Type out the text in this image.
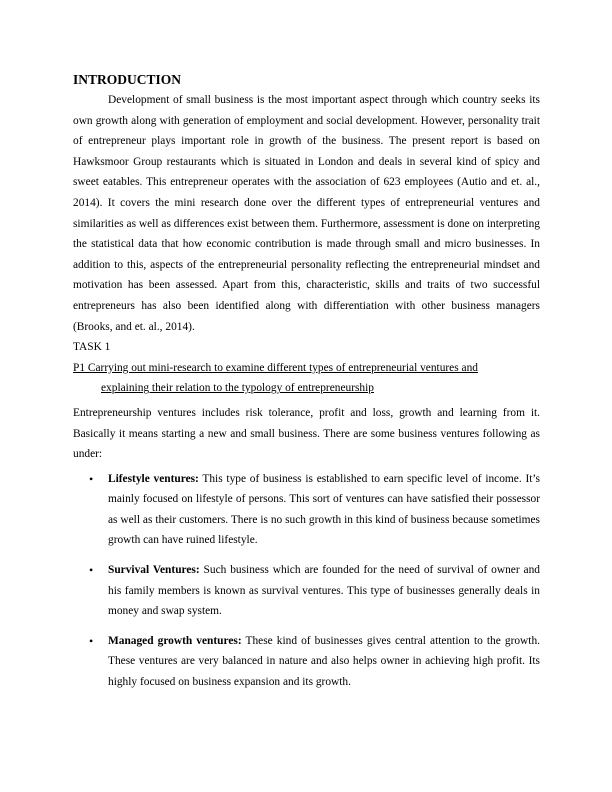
INTRODUCTION

Development of small business is the most important aspect through which country seeks its own growth along with generation of employment and social development. However, personality trait of entrepreneur plays important role in growth of the business. The present report is based on Hawksmoor Group restaurants which is situated in London and deals in several kind of spicy and sweet eatables. This entrepreneur operates with the association of 623 employees (Autio and et. al., 2014). It covers the mini research done over the different types of entrepreneurial ventures and similarities as well as differences exist between them. Furthermore, assessment is done on interpreting the statistical data that how economic contribution is made through small and micro businesses. In addition to this, aspects of the entrepreneurial personality reflecting the entrepreneurial mindset and motivation has been assessed. Apart from this, characteristic, skills and traits of two successful entrepreneurs has also been identified along with differentiation with other business managers (Brooks, and et. al., 2014).

TASK 1

P1 Carrying out mini-research to examine different types of entrepreneurial ventures and

explaining their relation to the typology of entrepreneurship

Entrepreneurship ventures includes risk tolerance, profit and loss, growth and learning from it. Basically it means starting a new and small business. There are some business ventures following as under:

• Lifestyle ventures: This type of business is established to earn specific level of income. It’s mainly focused on lifestyle of persons. This sort of ventures can have satisfied their possessor as well as their customers. There is no such growth in this kind of business because sometimes growth can have ruined lifestyle.
• Survival Ventures: Such business which are founded for the need of survival of owner and his family members is known as survival ventures. This type of businesses generally deals in money and swap system.
• Managed growth ventures: These kind of businesses gives central attention to the growth. These ventures are very balanced in nature and also helps owner in achieving high profit. Its highly focused on business expansion and its growth.
